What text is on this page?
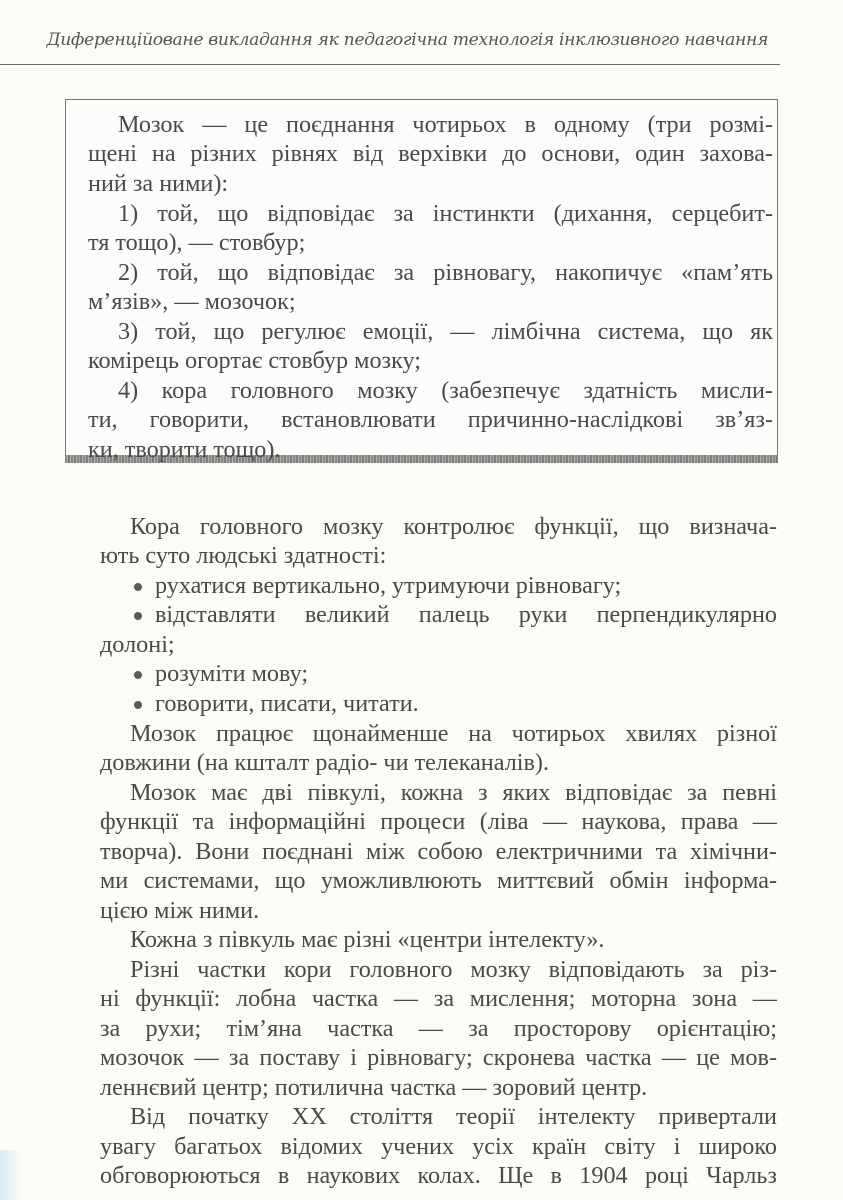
Диференційоване викладання як педагогічна технологія інклюзивного навчання
Мозок — це поєднання чотирьох в одному (три розмі-
щені на різних рівнях від верхівки до основи, один захова-
ний за ними):
1) той, що відповідає за інстинкти (дихання, серцебит-
тя тощо), — стовбур;
2) той, що відповідає за рівновагу, накопичує «пам’ять
м’язів», — мозочок;
3) той, що регулює емоції, — лімбічна система, що як
комірець огортає стовбур мозку;
4) кора головного мозку (забезпечує здатність мисли-
ти, говорити, встановлювати причинно-наслідкові зв’яз-
ки, творити тощо).
Кора головного мозку контролює функції, що визнача-
ють суто людські здатності:
рухатися вертикально, утримуючи рівновагу;
відставляти великий палець руки перпендикулярно
долоні;
розуміти мову;
говорити, писати, читати.
Мозок працює щонайменше на чотирьох хвилях різної
довжини (на кшталт радіо- чи телеканалів).
Мозок має дві півкулі, кожна з яких відповідає за певні
функції та інформаційні процеси (ліва — наукова, права —
творча). Вони поєднані між собою електричними та хімічни-
ми системами, що уможливлюють миттєвий обмін інформа-
цією між ними.
Кожна з півкуль має різні «центри інтелекту».
Різні частки кори головного мозку відповідають за різ-
ні функції: лобна частка — за мислення; моторна зона —
за рухи; тім’яна частка — за просторову орієнтацію;
мозочок — за поставу і рівновагу; скронева частка — це мов-
леннєвий центр; потилична частка — зоровий центр.
Від початку XX століття теорії інтелекту привертали
увагу багатьох відомих учених усіх країн світу і широко
обговорюються в наукових колах. Ще в 1904 році Чарльз
